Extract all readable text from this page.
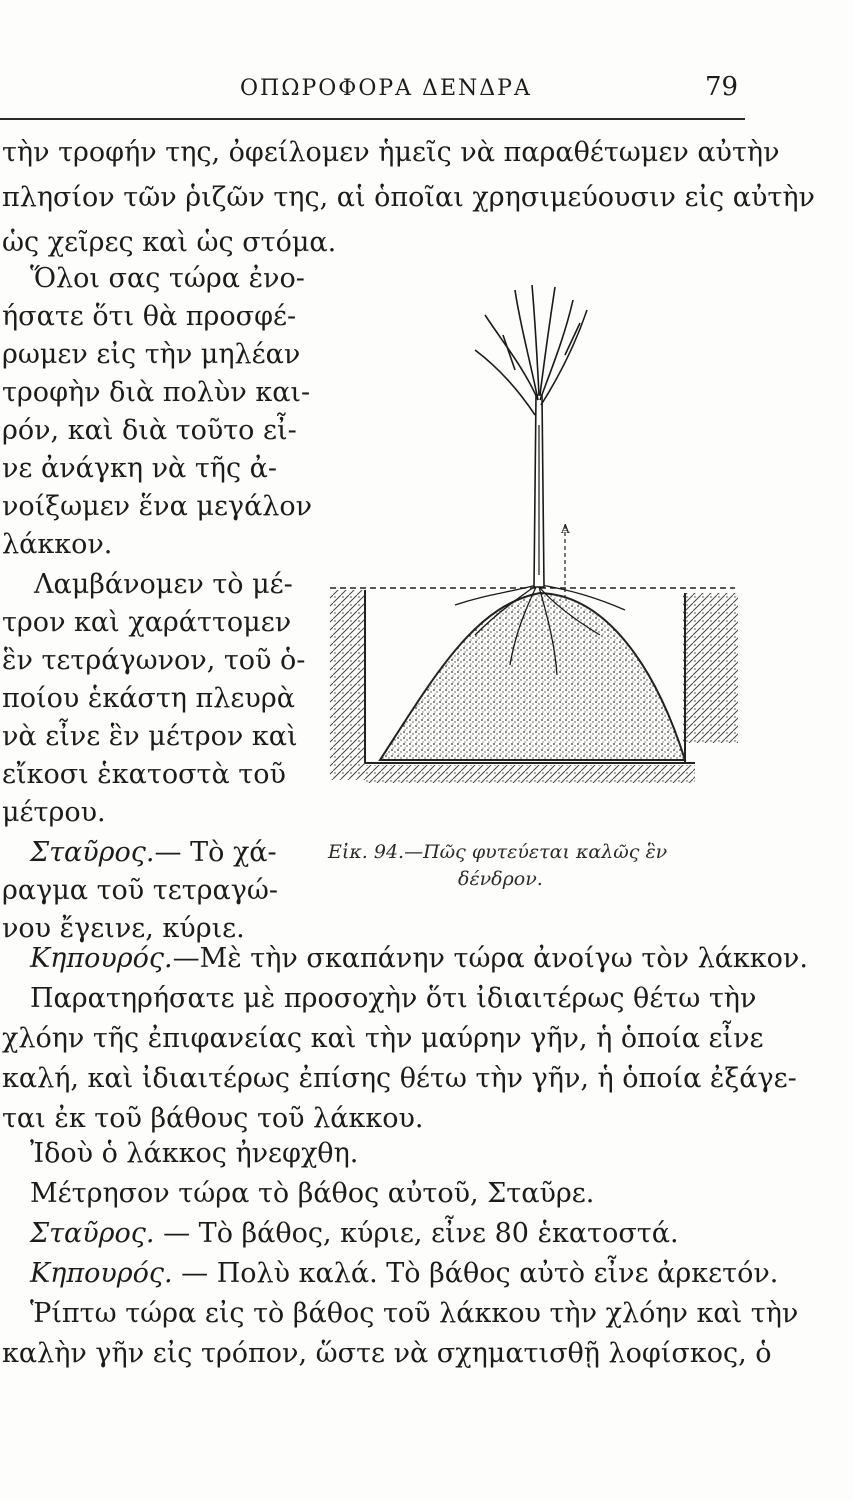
ΟΠΩΡΟΦΟΡΑ ΔΕΝΔΡΑ	79
τὴν τροφήν της, ὀφείλομεν ἡμεῖς νὰ παραθέτωμεν αὐτὴν
πλησίον τῶν ῥιζῶν της, αἱ ὁποῖαι χρησιμεύουσιν εἰς αὐτὴν
ὡς χεῖρες καὶ ὡς στόμα.
Ὅλοι σας τώρα ἐνο-
ήσατε ὅτι θὰ προσφέ-
ρωμεν εἰς τὴν μηλέαν
τροφὴν διὰ πολὺν και-
ρόν, καὶ διὰ τοῦτο εἶ-
νε ἀνάγκη νὰ τῆς ἀ-
νοίξωμεν ἕνα μεγάλον
λάκκον.
Λαμβάνομεν τὸ μέ-
τρον καὶ χαράττομεν
ἓν τετράγωνον, τοῦ ὁ-
ποίου ἑκάστη πλευρὰ
νὰ εἶνε ἓν μέτρον καὶ
εἴκοσι ἑκατοστὰ τοῦ
μέτρου.
Σταῦρος.— Τὸ χά-
ραγμα τοῦ τετραγώ-
νου ἔγεινε, κύριε.
A
Εἰκ. 94.—Πῶς φυτεύεται καλῶς ἓν
δένδρον.
Κηπουρός.—Μὲ τὴν σκαπάνην τώρα ἀνοίγω τὸν λάκκον.
Παρατηρήσατε μὲ προσοχὴν ὅτι ἰδιαιτέρως θέτω τὴν
χλόην τῆς ἐπιφανείας καὶ τὴν μαύρην γῆν, ἡ ὁποία εἶνε
καλή, καὶ ἰδιαιτέρως ἐπίσης θέτω τὴν γῆν, ἡ ὁποία ἐξάγε-
ται ἐκ τοῦ βάθους τοῦ λάκκου.
Ἰδοὺ ὁ λάκκος ἠνεφχθη.
Μέτρησον τώρα τὸ βάθος αὐτοῦ, Σταῦρε.
Σταῦρος. — Τὸ βάθος, κύριε, εἶνε 80 ἑκατοστά.
Κηπουρός. — Πολὺ καλά. Τὸ βάθος αὐτὸ εἶνε ἀρκετόν.
Ῥίπτω τώρα εἰς τὸ βάθος τοῦ λάκκου τὴν χλόην καὶ τὴν
καλὴν γῆν εἰς τρόπον, ὥστε νὰ σχηματισθῇ λοφίσκος, ὁ
